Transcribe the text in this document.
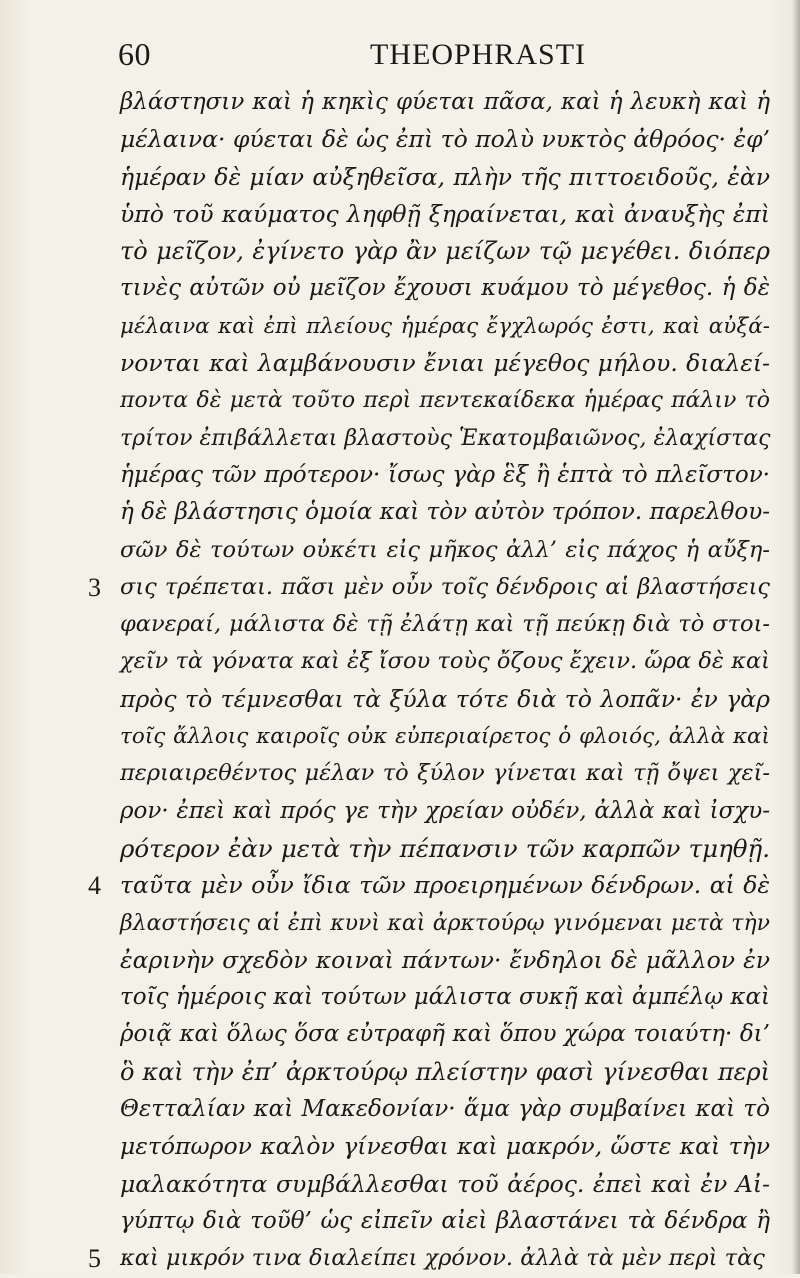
60	THEOPHRASTI
βλάστησιν καὶ ἡ κηκὶς φύεται πᾶσα, καὶ ἡ λευκὴ καὶ ἡ
μέλαινα· φύεται δὲ ὡς ἐπὶ τὸ πολὺ νυκτὸς ἀθρόος· ἐφ’
ἡμέραν δὲ μίαν αὐξηθεῖσα, πλὴν τῆς πιττοειδοῦς, ἐὰν
ὑπὸ τοῦ καύματος ληφθῇ ξηραίνεται, καὶ ἀναυξὴς ἐπὶ
τὸ μεῖζον, ἐγίνετο γὰρ ἂν μείζων τῷ μεγέθει. διόπερ
τινὲς αὐτῶν οὐ μεῖζον ἔχουσι κυάμου τὸ μέγεθος. ἡ δὲ
μέλαινα καὶ ἐπὶ πλείους ἡμέρας ἔγχλωρός ἐστι, καὶ αὐξά-
νονται καὶ λαμβάνουσιν ἔνιαι μέγεθος μήλου. διαλεί-
ποντα δὲ μετὰ τοῦτο περὶ πεντεκαίδεκα ἡμέρας πάλιν τὸ
τρίτον ἐπιβάλλεται βλαστοὺς Ἑκατομβαιῶνος, ἐλαχίστας
ἡμέρας τῶν πρότερον· ἴσως γὰρ ἓξ ἢ ἑπτὰ τὸ πλεῖστον·
ἡ δὲ βλάστησις ὁμοία καὶ τὸν αὐτὸν τρόπον. παρελθου-
σῶν δὲ τούτων οὐκέτι εἰς μῆκος ἀλλ’ εἰς πάχος ἡ αὔξη-
3 σις τρέπεται. πᾶσι μὲν οὖν τοῖς δένδροις αἱ βλαστήσεις
φανεραί, μάλιστα δὲ τῇ ἐλάτῃ καὶ τῇ πεύκῃ διὰ τὸ στοι-
χεῖν τὰ γόνατα καὶ ἐξ ἴσου τοὺς ὄζους ἔχειν. ὥρα δὲ καὶ
πρὸς τὸ τέμνεσθαι τὰ ξύλα τότε διὰ τὸ λοπᾶν· ἐν γὰρ
τοῖς ἄλλοις καιροῖς οὐκ εὐπεριαίρετος ὁ φλοιός, ἀλλὰ καὶ
περιαιρεθέντος μέλαν τὸ ξύλον γίνεται καὶ τῇ ὄψει χεῖ-
ρον· ἐπεὶ καὶ πρός γε τὴν χρείαν οὐδέν, ἀλλὰ καὶ ἰσχυ-
ρότερον ἐὰν μετὰ τὴν πέπανσιν τῶν καρπῶν τμηθῇ.
4 ταῦτα μὲν οὖν ἴδια τῶν προειρημένων δένδρων. αἱ δὲ
βλαστήσεις αἱ ἐπὶ κυνὶ καὶ ἀρκτούρῳ γινόμεναι μετὰ τὴν
ἐαρινὴν σχεδὸν κοιναὶ πάντων· ἔνδηλοι δὲ μᾶλλον ἐν
τοῖς ἡμέροις καὶ τούτων μάλιστα συκῇ καὶ ἀμπέλῳ καὶ
ῥοιᾷ καὶ ὅλως ὅσα εὐτραφῆ καὶ ὅπου χώρα τοιαύτη· δι’
ὃ καὶ τὴν ἐπ’ ἀρκτούρῳ πλείστην φασὶ γίνεσθαι περὶ
Θετταλίαν καὶ Μακεδονίαν· ἅμα γὰρ συμβαίνει καὶ τὸ
μετόπωρον καλὸν γίνεσθαι καὶ μακρόν, ὥστε καὶ τὴν
μαλακότητα συμβάλλεσθαι τοῦ ἀέρος. ἐπεὶ καὶ ἐν Αἰ-
γύπτῳ διὰ τοῦθ’ ὡς εἰπεῖν αἰεὶ βλαστάνει τὰ δένδρα ἢ
5 καὶ μικρόν τινα διαλείπει χρόνον. ἀλλὰ τὰ μὲν περὶ τὰς
